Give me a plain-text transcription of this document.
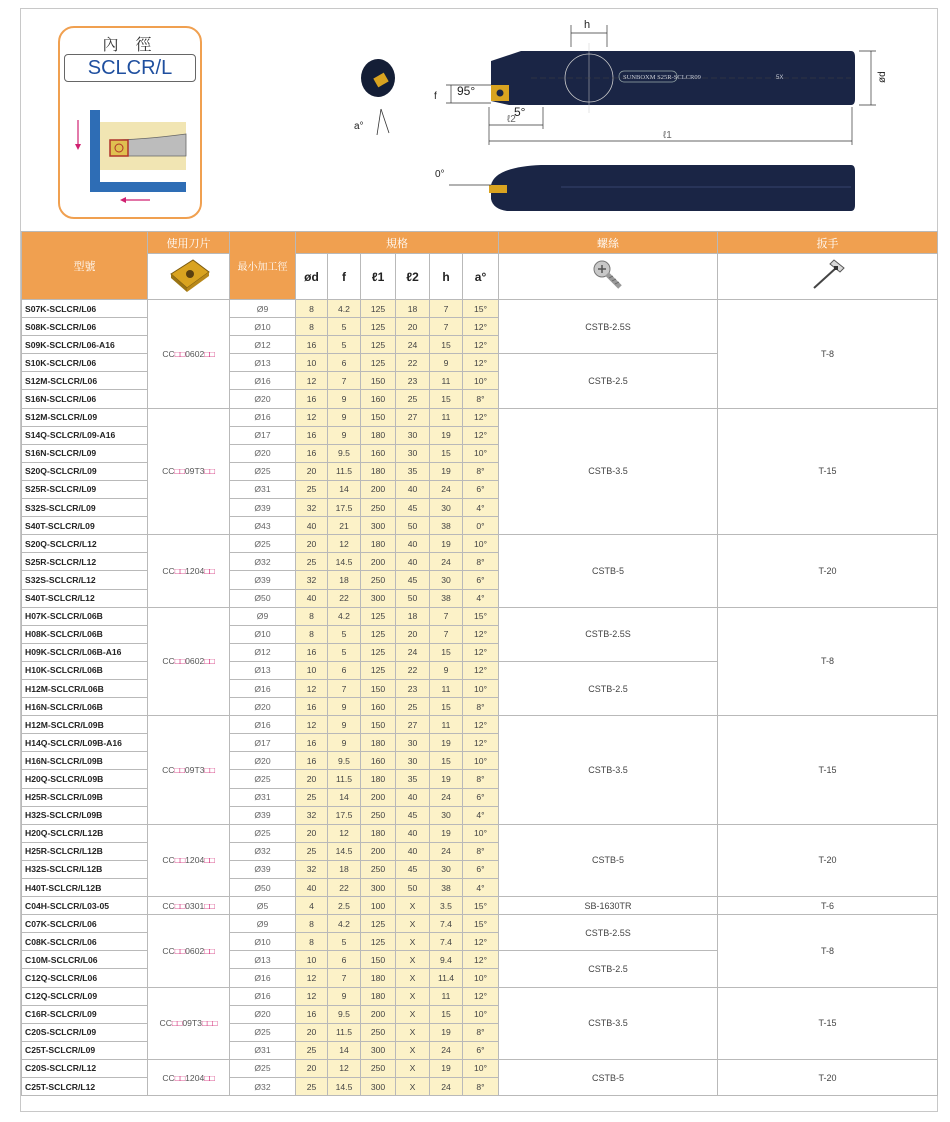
內 徑
SCLCR/L
a°
SUNBOXM S25R-SCLCR09	5X
h
ød
f 95°
5°
ℓ2
ℓ1
0°
型號	使用刀片	最小加工徑	規格						螺絲	扳手
	ød	f	ℓ1	ℓ2	h	a°		
S07K-SCLCR/L06	CC□□0602□□	Ø9	8	4.2	125	18	7	15°	CSTB-2.5S	T-8
S08K-SCLCR/L06		Ø10	8	5	125	20	7	12°		
S09K-SCLCR/L06-A16		Ø12	16	5	125	24	15	12°		
S10K-SCLCR/L06		Ø13	10	6	125	22	9	12°	CSTB-2.5	
S12M-SCLCR/L06		Ø16	12	7	150	23	11	10°		
S16N-SCLCR/L06		Ø20	16	9	160	25	15	8°		
S12M-SCLCR/L09	CC□□09T3□□	Ø16	12	9	150	27	11	12°	CSTB-3.5	T-15
S14Q-SCLCR/L09-A16		Ø17	16	9	180	30	19	12°		
S16N-SCLCR/L09		Ø20	16	9.5	160	30	15	10°		
S20Q-SCLCR/L09		Ø25	20	11.5	180	35	19	8°		
S25R-SCLCR/L09		Ø31	25	14	200	40	24	6°		
S32S-SCLCR/L09		Ø39	32	17.5	250	45	30	4°		
S40T-SCLCR/L09		Ø43	40	21	300	50	38	0°		
S20Q-SCLCR/L12	CC□□1204□□	Ø25	20	12	180	40	19	10°	CSTB-5	T-20
S25R-SCLCR/L12		Ø32	25	14.5	200	40	24	8°		
S32S-SCLCR/L12		Ø39	32	18	250	45	30	6°		
S40T-SCLCR/L12		Ø50	40	22	300	50	38	4°		
H07K-SCLCR/L06B	CC□□0602□□	Ø9	8	4.2	125	18	7	15°	CSTB-2.5S	T-8
H08K-SCLCR/L06B		Ø10	8	5	125	20	7	12°		
H09K-SCLCR/L06B-A16		Ø12	16	5	125	24	15	12°		
H10K-SCLCR/L06B		Ø13	10	6	125	22	9	12°	CSTB-2.5	
H12M-SCLCR/L06B		Ø16	12	7	150	23	11	10°		
H16N-SCLCR/L06B		Ø20	16	9	160	25	15	8°		
H12M-SCLCR/L09B	CC□□09T3□□	Ø16	12	9	150	27	11	12°	CSTB-3.5	T-15
H14Q-SCLCR/L09B-A16		Ø17	16	9	180	30	19	12°		
H16N-SCLCR/L09B		Ø20	16	9.5	160	30	15	10°		
H20Q-SCLCR/L09B		Ø25	20	11.5	180	35	19	8°		
H25R-SCLCR/L09B		Ø31	25	14	200	40	24	6°		
H32S-SCLCR/L09B		Ø39	32	17.5	250	45	30	4°		
H20Q-SCLCR/L12B	CC□□1204□□	Ø25	20	12	180	40	19	10°	CSTB-5	T-20
H25R-SCLCR/L12B		Ø32	25	14.5	200	40	24	8°		
H32S-SCLCR/L12B		Ø39	32	18	250	45	30	6°		
H40T-SCLCR/L12B		Ø50	40	22	300	50	38	4°		
C04H-SCLCR/L03-05	CC□□0301□□	Ø5	4	2.5	100	X	3.5	15°	SB-1630TR	T-6
C07K-SCLCR/L06	CC□□0602□□	Ø9	8	4.2	125	X	7.4	15°	CSTB-2.5S	T-8
C08K-SCLCR/L06		Ø10	8	5	125	X	7.4	12°		
C10M-SCLCR/L06		Ø13	10	6	150	X	9.4	12°	CSTB-2.5	
C12Q-SCLCR/L06		Ø16	12	7	180	X	11.4	10°		
C12Q-SCLCR/L09	CC□□09T3□□□	Ø16	12	9	180	X	11	12°	CSTB-3.5	T-15
C16R-SCLCR/L09		Ø20	16	9.5	200	X	15	10°		
C20S-SCLCR/L09		Ø25	20	11.5	250	X	19	8°		
C25T-SCLCR/L09		Ø31	25	14	300	X	24	6°		
C20S-SCLCR/L12	CC□□1204□□	Ø25	20	12	250	X	19	10°	CSTB-5	T-20
C25T-SCLCR/L12		Ø32	25	14.5	300	X	24	8°		
